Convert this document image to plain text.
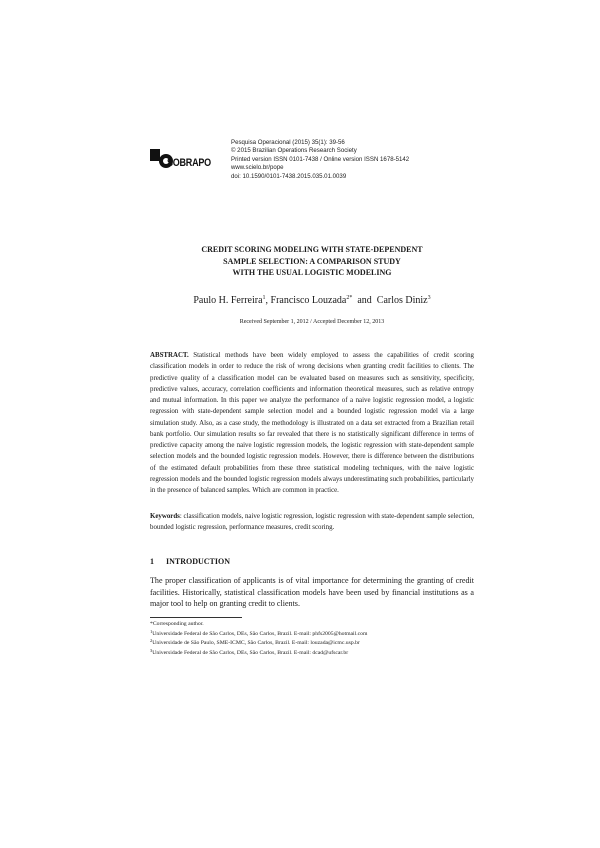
SOBRAPO
Pesquisa Operacional (2015) 35(1): 39-56
© 2015 Brazilian Operations Research Society
Printed version ISSN 0101-7438 / Online version ISSN 1678-5142
www.scielo.br/pope
doi: 10.1590/0101-7438.2015.035.01.0039
CREDIT SCORING MODELING WITH STATE-DEPENDENT
SAMPLE SELECTION: A COMPARISON STUDY
WITH THE USUAL LOGISTIC MODELING
Paulo H. Ferreira$^1$, Francisco Louzada$^{2*}$ and Carlos Diniz$^3$
Received September 1, 2012 / Accepted December 12, 2013
ABSTRACT. Statistical methods have been widely employed to assess the capabilities of credit scoring classification models in order to reduce the risk of wrong decisions when granting credit facilities to clients. The predictive quality of a classification model can be evaluated based on measures such as sensitivity, specificity, predictive values, accuracy, correlation coefficients and information theoretical measures, such as relative entropy and mutual information. In this paper we analyze the performance of a naive logistic regression model, a logistic regression with state-dependent sample selection model and a bounded logistic regression model via a large simulation study. Also, as a case study, the methodology is illustrated on a data set extracted from a Brazilian retail bank portfolio. Our simulation results so far revealed that there is no statistically significant difference in terms of predictive capacity among the naive logistic regression models, the logistic regression with state-dependent sample selection models and the bounded logistic regression models. However, there is difference between the distributions of the estimated default probabilities from these three statistical modeling techniques, with the naive logistic regression models and the bounded logistic regression models always underestimating such probabilities, particularly in the presence of balanced samples. Which are common in practice.
Keywords: classification models, naive logistic regression, logistic regression with state-dependent sample selection, bounded logistic regression, performance measures, credit scoring.
1 INTRODUCTION
The proper classification of applicants is of vital importance for determining the granting of credit facilities. Historically, statistical classification models have been used by financial institutions as a major tool to help on granting credit to clients.
*Corresponding author.
$^1$Universidade Federal de São Carlos, DEs, São Carlos, Brazil. E-mail: phfs2005@hotmail.com
$^2$Universidade de São Paulo, SME-ICMC, São Carlos, Brazil. E-mail: louzada@icmc.usp.br
$^3$Universidade Federal de São Carlos, DEs, São Carlos, Brazil. E-mail: dcad@ufscar.br
